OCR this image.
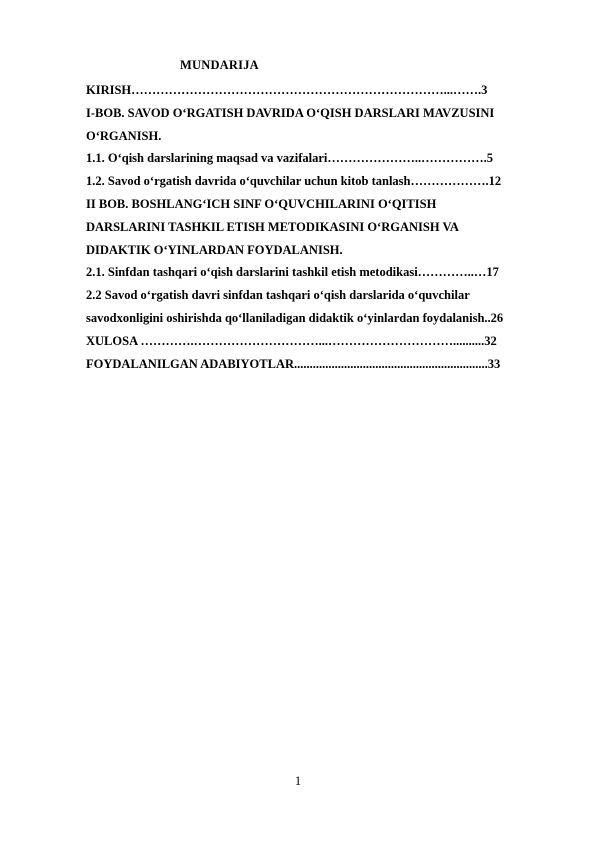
MUNDARIJA
KIRISH…………………………………………………………………...…….3
I-BOB. SAVOD O‘RGATISH DAVRIDA O‘QISH DARSLARI MAVZUSINI
O‘RGANISH.
1.1. O‘qish darslarining maqsad va vazifalari…………………..…………….5
1.2. Savod o‘rgatish davrida o‘quvchilar uchun kitob tanlash……………….12
II BOB. BOSHLANG‘ICH SINF O‘QUVCHILARINI O‘QITISH
DARSLARINI TASHKIL ETISH METODIKASINI O‘RGANISH VA
DIDAKTIK O‘YINLARDAN FOYDALANISH.
2.1. Sinfdan tashqari o‘qish darslarini tashkil etish metodikasi…………..…17
2.2 Savod o‘rgatish davri sinfdan tashqari o‘qish darslarida o‘quvchilar
savodxonligini oshirishda qo‘llaniladigan didaktik o‘yinlardan foydalanish..26
XULOSA ………….…………………………...…………………………..........32
FOYDALANILGAN ADABIYOTLAR..............................................................33
1
